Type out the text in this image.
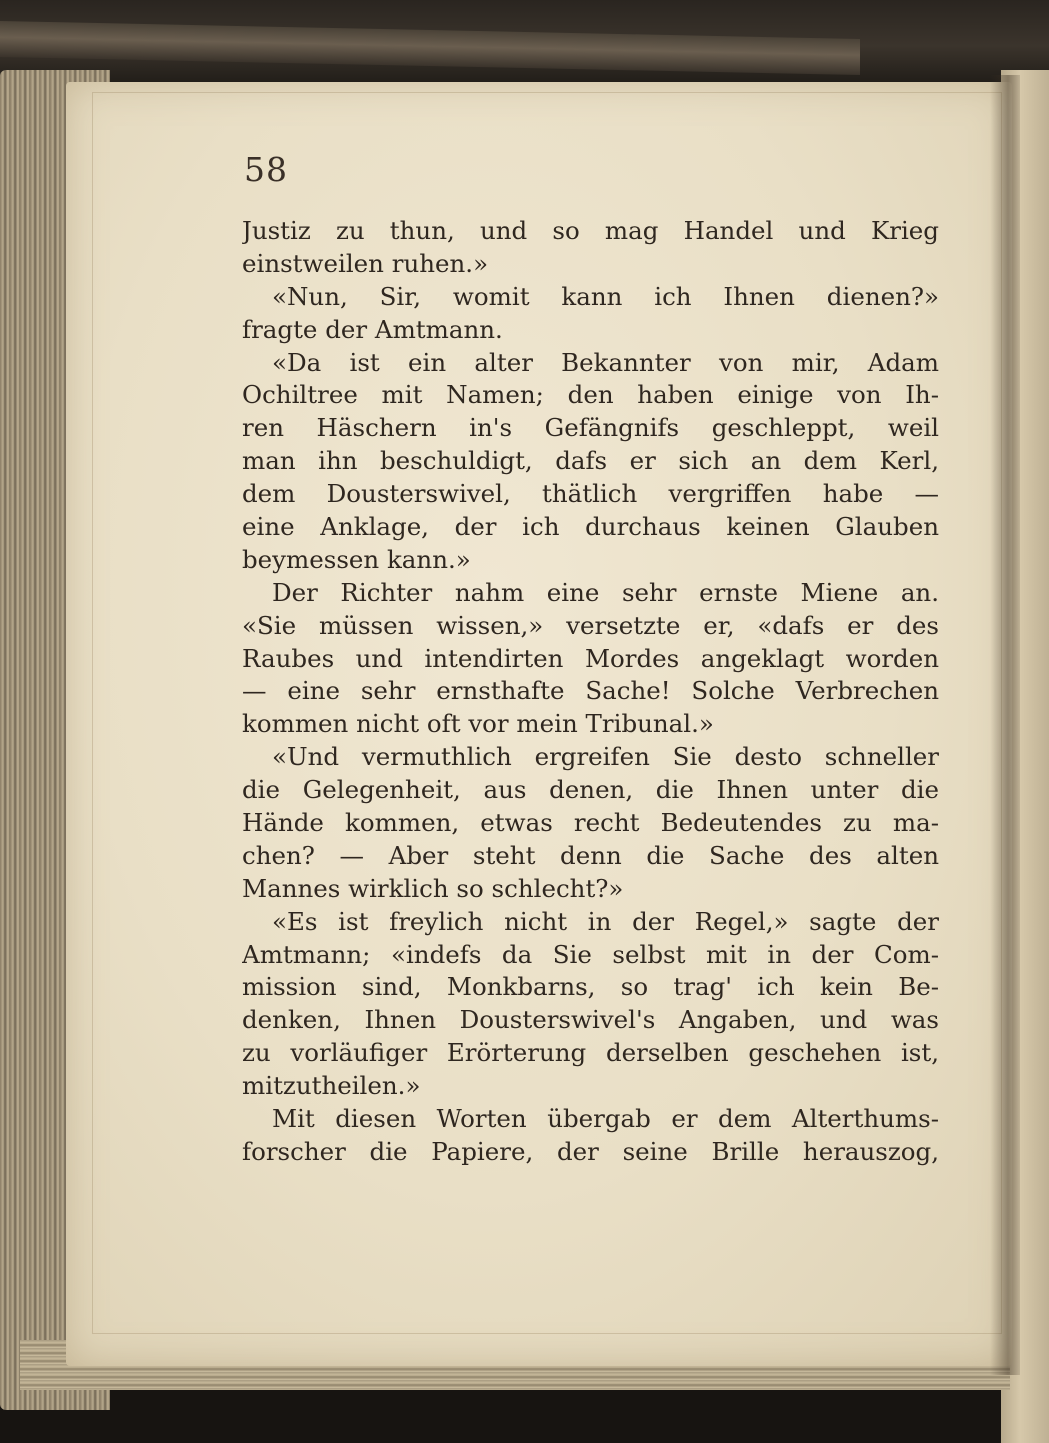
58

Justiz zu thun, und so mag Handel und Krieg
einstweilen ruhen.»
«Nun, Sir, womit kann ich Ihnen dienen?»
fragte der Amtmann.
«Da ist ein alter Bekannter von mir, Adam
Ochiltree mit Namen; den haben einige von Ih-
ren Häschern in's Gefängnifs geschleppt, weil
man ihn beschuldigt, dafs er sich an dem Kerl,
dem Dousterswivel, thätlich vergriffen habe —
eine Anklage, der ich durchaus keinen Glauben
beymessen kann.»
Der Richter nahm eine sehr ernste Miene an.
«Sie müssen wissen,» versetzte er, «dafs er des
Raubes und intendirten Mordes angeklagt worden
— eine sehr ernsthafte Sache! Solche Verbrechen
kommen nicht oft vor mein Tribunal.»
«Und vermuthlich ergreifen Sie desto schneller
die Gelegenheit, aus denen, die Ihnen unter die
Hände kommen, etwas recht Bedeutendes zu ma-
chen? — Aber steht denn die Sache des alten
Mannes wirklich so schlecht?»
«Es ist freylich nicht in der Regel,» sagte der
Amtmann; «indefs da Sie selbst mit in der Com-
mission sind, Monkbarns, so trag' ich kein Be-
denken, Ihnen Dousterswivel's Angaben, und was
zu vorläufiger Erörterung derselben geschehen ist,
mitzutheilen.»
Mit diesen Worten übergab er dem Alterthums-
forscher die Papiere, der seine Brille herauszog,
